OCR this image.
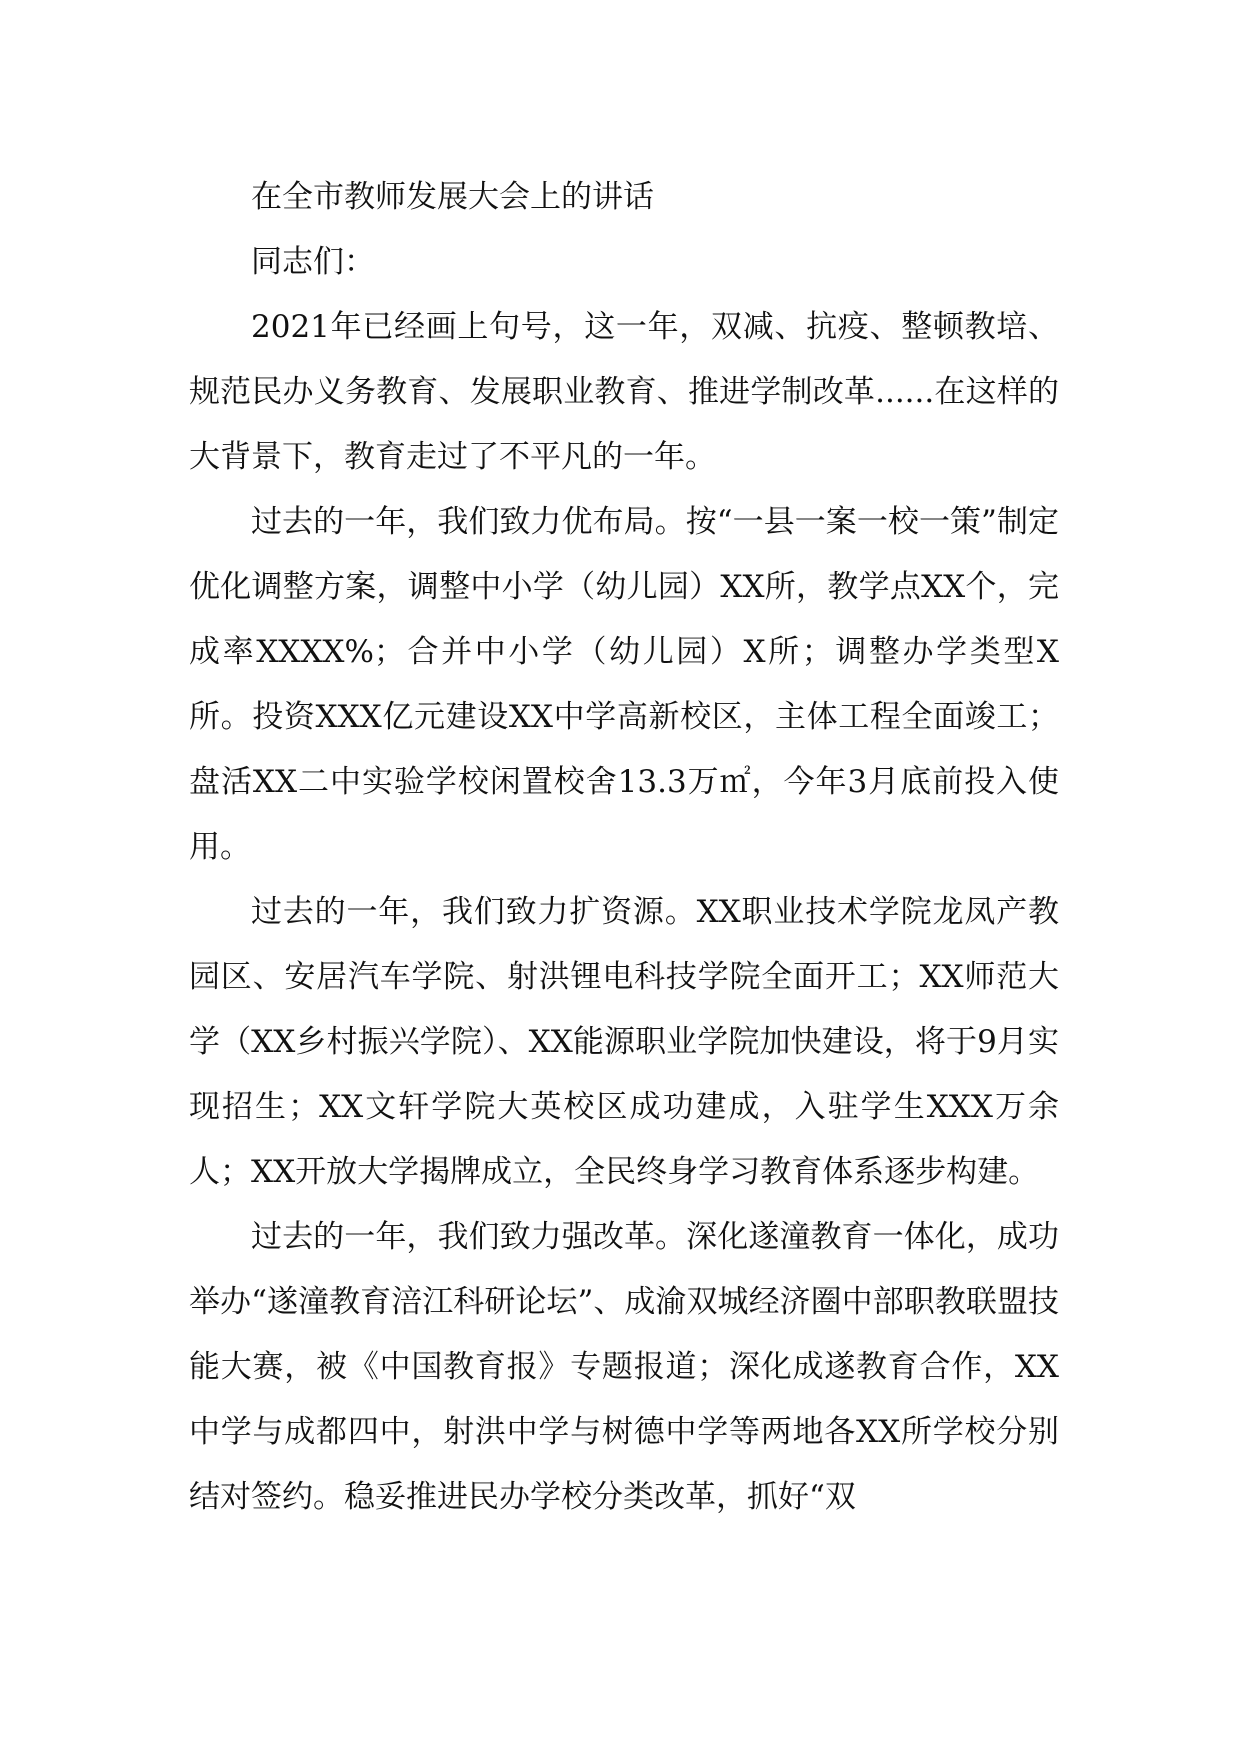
在全市教师发展大会上的讲话

同志们：

2021年已经画上句号，这一年，双减、抗疫、整顿教培、规范民办义务教育、发展职业教育、推进学制改革......在这样的大背景下，教育走过了不平凡的一年。

过去的一年，我们致力优布局。按“一县一案一校一策”制定优化调整方案，调整中小学（幼儿园）XX所，教学点XX个，完成率XXXX%；合并中小学（幼儿园）X所；调整办学类型X所。投资XXX亿元建设XX中学高新校区，主体工程全面竣工；盘活XX二中实验学校闲置校舍13.3万㎡，今年3月底前投入使用。

过去的一年，我们致力扩资源。XX职业技术学院龙凤产教园区、安居汽车学院、射洪锂电科技学院全面开工；XX师范大学（XX乡村振兴学院）、XX能源职业学院加快建设，将于9月实现招生；XX文轩学院大英校区成功建成，入驻学生XXX万余人；XX开放大学揭牌成立，全民终身学习教育体系逐步构建。

过去的一年，我们致力强改革。深化遂潼教育一体化，成功举办“遂潼教育涪江科研论坛”、成渝双城经济圈中部职教联盟技能大赛，被《中国教育报》专题报道；深化成遂教育合作，XX中学与成都四中，射洪中学与树德中学等两地各XX所学校分别结对签约。稳妥推进民办学校分类改革，抓好“双
